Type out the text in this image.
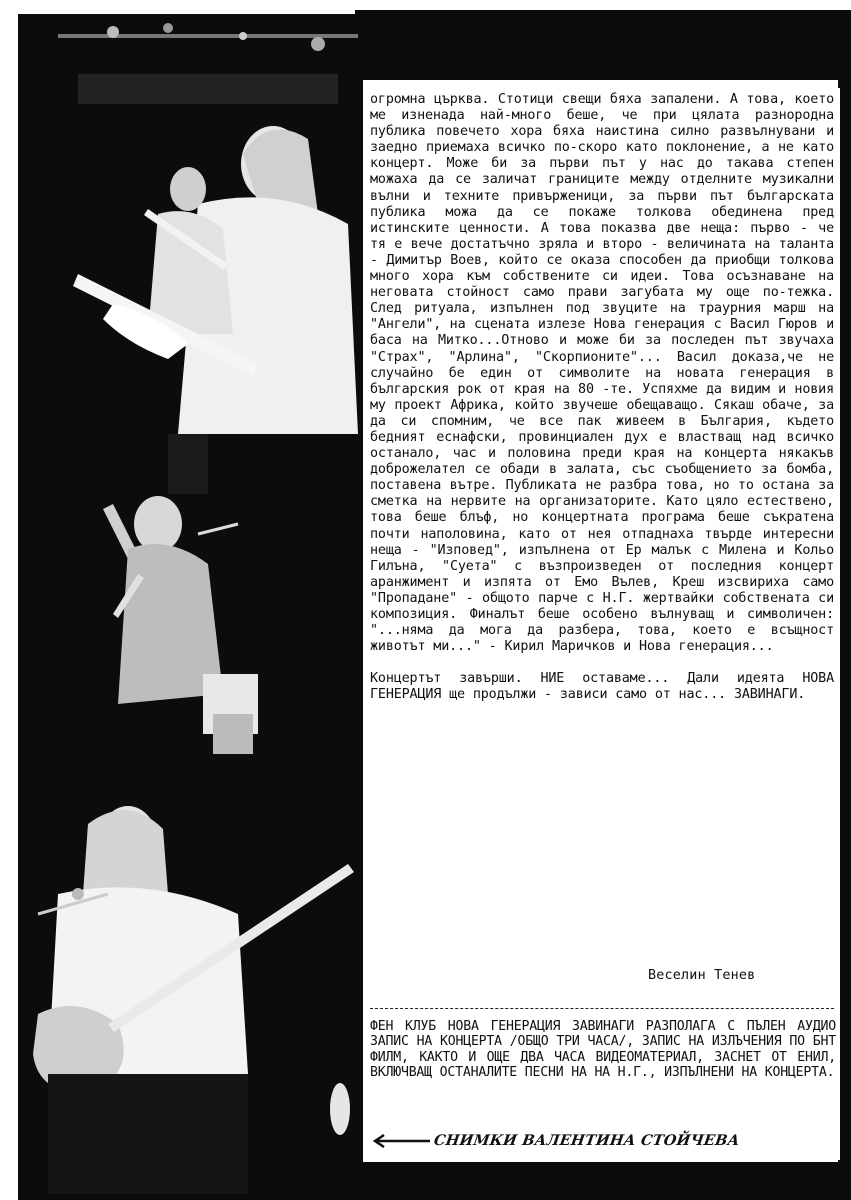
огромна църква. Стотици свещи бяха запалени. А това, което ме изненада най-много беше, че при цялата разнородна публика повечето хора бяха наистина силно развълнувани и заедно приемаха всичко по-скоро като поклонение, а не като концерт. Може би за първи път у нас до такава степен можаха да се заличат границите между отделните музикални вълни и техните привърженици, за първи път българската публика можа да се покаже толкова обединена пред истинските ценности. А това показва две неща: първо - че тя е вече достатъчно зряла и второ - величината на таланта - Димитър Воев, който се оказа способен да приобщи толкова много хора към собствените си идеи. Това осъзнаване на неговата стойност само прави загубата му още по-тежка. След ритуала, изпълнен под звуците на траурния марш на "Ангели", на сцената излезе Нова генерация с Васил Гюров и баса на Митко...Отново и може би за последен път звучаха "Страх", "Арлина", "Скорпионите"... Васил доказа,че не случайно бе един от символите на новата генерация в българския рок от края на 80 -те. Успяхме да видим и новия му проект Африка, който звучеше обещаващо. Сякаш обаче, за да си спомним, че все пак живеем в България, където бедният еснафски, провинциален дух е властващ над всичко останало, час и половина преди края на концерта някакъв доброжелател се обади в залата, със съобщението за бомба, поставена вътре. Публиката не разбра това, но то остана за сметка на нервите на организаторите. Като цяло естествено, това беше блъф, но концертната програма беше съкратена почти наполовина, като от нея отпаднаха твърде интересни неща - "Изповед", изпълнена от Ер малък с Милена и Кольо Гилъна, "Суета" с възпроизведен от последния концерт аранжимент и изпята от Емо Вълев, Креш изсвириха само "Пропадане" - общото парче с Н.Г. жертвайки собствената си композиция. Финалът беше особено вълнуващ и символичен: "...няма да мога да разбера, това, което е всъщност животът ми..." - Кирил Маричков и Нова генерация...

Концертът завърши. НИЕ оставаме... Дали идеята НОВА ГЕНЕРАЦИЯ ще продължи - зависи само от нас... ЗАВИНАГИ.

Веселин Тенев

ФЕН КЛУБ НОВА ГЕНЕРАЦИЯ ЗАВИНАГИ РАЗПОЛАГА С ПЪЛЕН АУДИО ЗАПИС НА КОНЦЕРТА /ОБЩО ТРИ ЧАСА/, ЗАПИС НА ИЗЛЪЧЕНИЯ ПО БНТ ФИЛМ, КАКТО И ОЩЕ ДВА ЧАСА ВИДЕОМАТЕРИАЛ, ЗАСНЕТ ОТ ЕНИЛ, ВКЛЮЧВАЩ ОСТАНАЛИТЕ ПЕСНИ НА НА Н.Г., ИЗПЪЛНЕНИ НА КОНЦЕРТА.

СНИМКИ ВАЛЕНТИНА СТОЙЧЕВА
